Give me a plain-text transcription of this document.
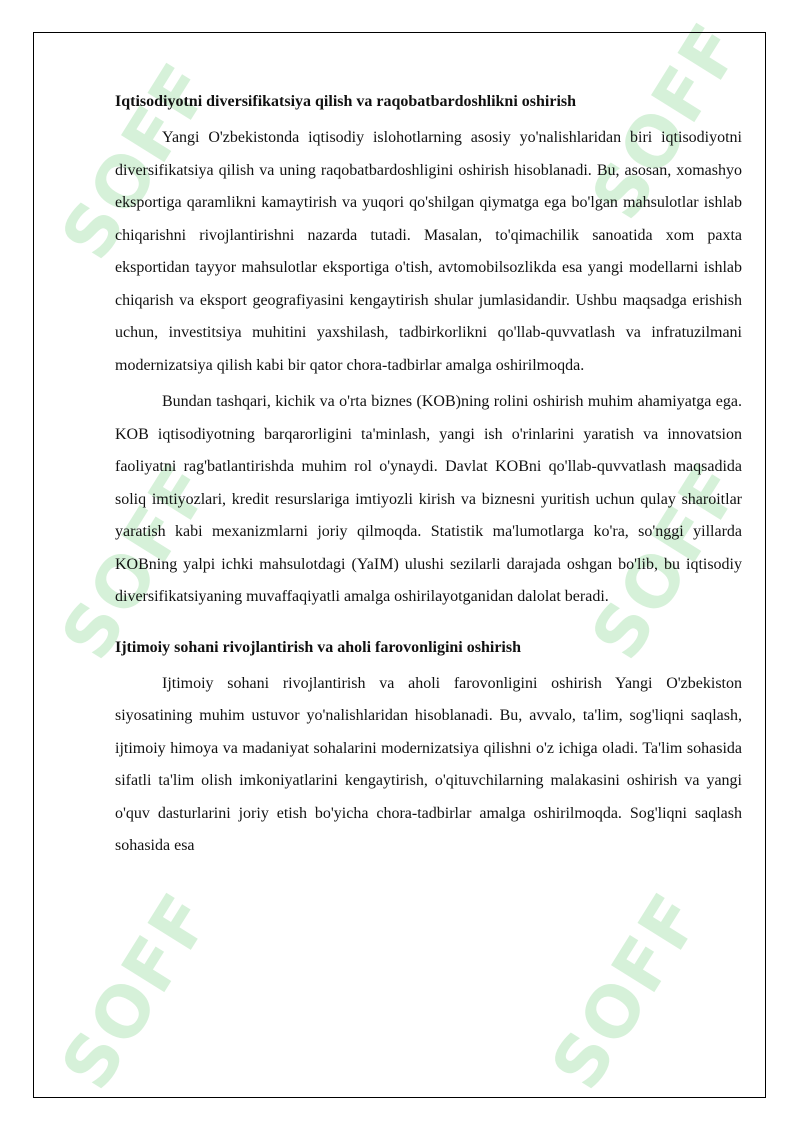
SOFF	SOFF
SOFF	SOFF
SOFF	SOFF
Iqtisodiyotni diversifikatsiya qilish va raqobatbardoshlikni oshirish

Yangi O'zbekistonda iqtisodiy islohotlarning asosiy yo'nalishlaridan biri iqtisodiyotni diversifikatsiya qilish va uning raqobatbardoshligini oshirish hisoblanadi. Bu, asosan, xomashyo eksportiga qaramlikni kamaytirish va yuqori qo'shilgan qiymatga ega bo'lgan mahsulotlar ishlab chiqarishni rivojlantirishni nazarda tutadi. Masalan, to'qimachilik sanoatida xom paxta eksportidan tayyor mahsulotlar eksportiga o'tish, avtomobilsozlikda esa yangi modellarni ishlab chiqarish va eksport geografiyasini kengaytirish shular jumlasidandir. Ushbu maqsadga erishish uchun, investitsiya muhitini yaxshilash, tadbirkorlikni qo'llab-quvvatlash va infratuzilmani modernizatsiya qilish kabi bir qator chora-tadbirlar amalga oshirilmoqda.

Bundan tashqari, kichik va o'rta biznes (KOB)ning rolini oshirish muhim ahamiyatga ega. KOB iqtisodiyotning barqarorligini ta'minlash, yangi ish o'rinlarini yaratish va innovatsion faoliyatni rag'batlantirishda muhim rol o'ynaydi. Davlat KOBni qo'llab-quvvatlash maqsadida soliq imtiyozlari, kredit resurslariga imtiyozli kirish va biznesni yuritish uchun qulay sharoitlar yaratish kabi mexanizmlarni joriy qilmoqda. Statistik ma'lumotlarga ko'ra, so'nggi yillarda KOBning yalpi ichki mahsulotdagi (YaIM) ulushi sezilarli darajada oshgan bo'lib, bu iqtisodiy diversifikatsiyaning muvaffaqiyatli amalga oshirilayotganidan dalolat beradi.

Ijtimoiy sohani rivojlantirish va aholi farovonligini oshirish

Ijtimoiy sohani rivojlantirish va aholi farovonligini oshirish Yangi O'zbekiston siyosatining muhim ustuvor yo'nalishlaridan hisoblanadi. Bu, avvalo, ta'lim, sog'liqni saqlash, ijtimoiy himoya va madaniyat sohalarini modernizatsiya qilishni o'z ichiga oladi. Ta'lim sohasida sifatli ta'lim olish imkoniyatlarini kengaytirish, o'qituvchilarning malakasini oshirish va yangi o'quv dasturlarini joriy etish bo'yicha chora-tadbirlar amalga oshirilmoqda. Sog'liqni saqlash sohasida esa
